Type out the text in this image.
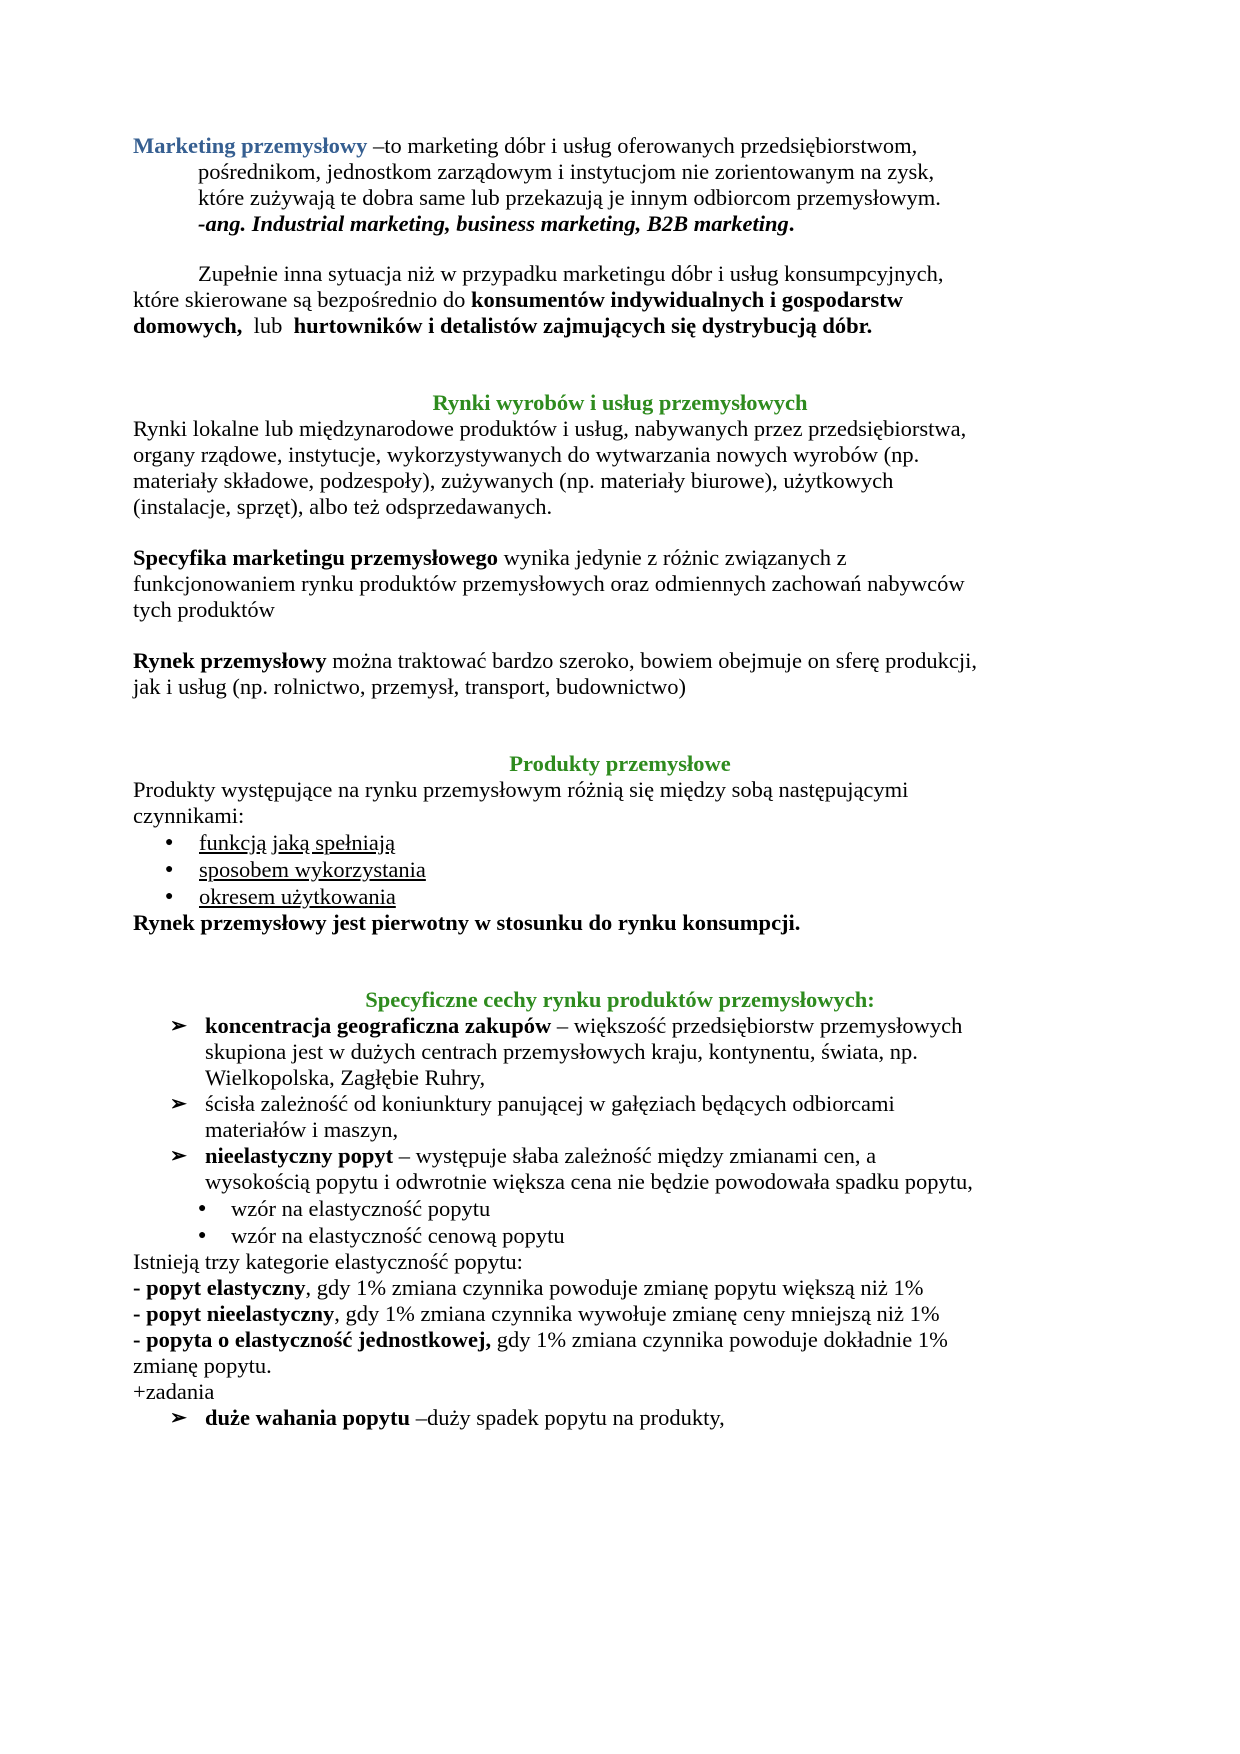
Marketing przemysłowy –to marketing dóbr i usług oferowanych przedsiębiorstwom,
pośrednikom, jednostkom zarządowym i instytucjom nie zorientowanym na zysk,
które zużywają te dobra same lub przekazują je innym odbiorcom przemysłowym.
-ang. Industrial marketing, business marketing, B2B marketing.
Zupełnie inna sytuacja niż w przypadku marketingu dóbr i usług konsumpcyjnych,
które skierowane są bezpośrednio do konsumentów indywidualnych i gospodarstw
domowych,  lub  hurtowników i detalistów zajmujących się dystrybucją dóbr.
Rynki wyrobów i usług przemysłowych
Rynki lokalne lub międzynarodowe produktów i usług, nabywanych przez przedsiębiorstwa,
organy rządowe, instytucje, wykorzystywanych do wytwarzania nowych wyrobów (np.
materiały składowe, podzespoły), zużywanych (np. materiały biurowe), użytkowych
(instalacje, sprzęt), albo też odsprzedawanych.
Specyfika marketingu przemysłowego wynika jedynie z różnic związanych z
funkcjonowaniem rynku produktów przemysłowych oraz odmiennych zachowań nabywców
tych produktów
Rynek przemysłowy można traktować bardzo szeroko, bowiem obejmuje on sferę produkcji,
jak i usług (np. rolnictwo, przemysł, transport, budownictwo)
Produkty przemysłowe
Produkty występujące na rynku przemysłowym różnią się między sobą następującymi
czynnikami:
● funkcją jaką spełniają
● sposobem wykorzystania
● okresem użytkowania
Rynek przemysłowy jest pierwotny w stosunku do rynku konsumpcji.
Specyficzne cechy rynku produktów przemysłowych:
➢ koncentracja geograficzna zakupów – większość przedsiębiorstw przemysłowych
skupiona jest w dużych centrach przemysłowych kraju, kontynentu, świata, np.
Wielkopolska, Zagłębie Ruhry,
➢ ścisła zależność od koniunktury panującej w gałęziach będących odbiorcami
materiałów i maszyn,
➢ nieelastyczny popyt – występuje słaba zależność między zmianami cen, a
wysokością popytu i odwrotnie większa cena nie będzie powodowała spadku popytu,
● wzór na elastyczność popytu
● wzór na elastyczność cenową popytu
Istnieją trzy kategorie elastyczność popytu:
- popyt elastyczny, gdy 1% zmiana czynnika powoduje zmianę popytu większą niż 1%
- popyt nieelastyczny, gdy 1% zmiana czynnika wywołuje zmianę ceny mniejszą niż 1%
- popyta o elastyczność jednostkowej, gdy 1% zmiana czynnika powoduje dokładnie 1%
zmianę popytu.
+zadania
➢ duże wahania popytu –duży spadek popytu na produkty,
